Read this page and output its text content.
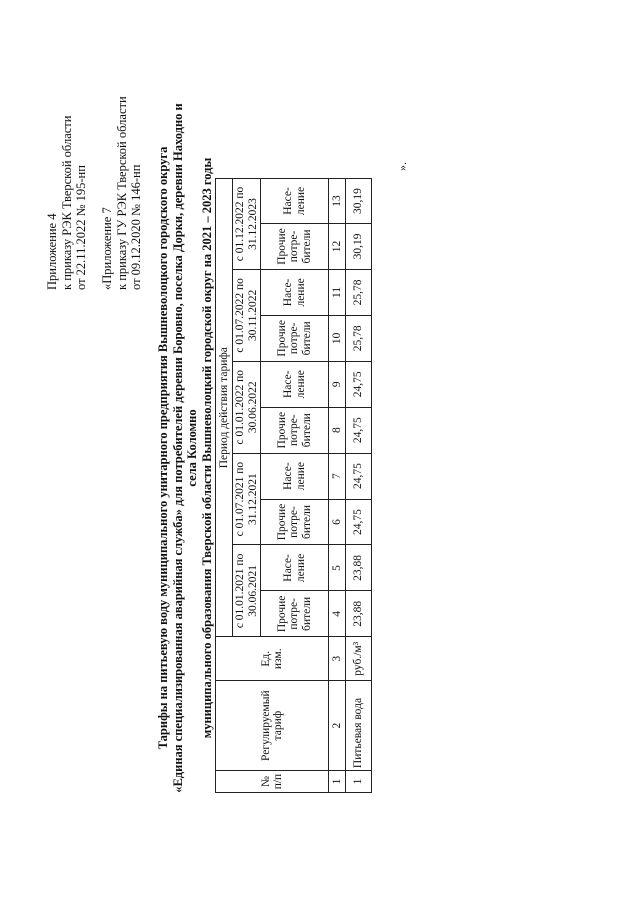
Приложение 4 к приказу РЭК Тверской области от 22.11.2022 № 195-нп «Приложение 7 к приказу ГУ РЭК Тверской области от 09.12.2020 № 146-нп Тарифы на питьевую воду муниципального унитарного предприятия Вышневолоцкого городского округа «Единая специализированная аварийная служба» для потребителей деревни Боровно, поселка Дорки, деревни Находно и села Коломно муниципального образования Тверской области Вышневолоцкий городской округ на 2021 – 2023 годы
№ п/п	Регулируемый тариф	Ед. изм.	Период действия тарифа									
			с 01.01.2021 по 30.06.2021		с 01.07.2021 по 31.12.2021		с 01.01.2022 по 30.06.2022		с 01.07.2022 по 30.11.2022		с 01.12.2022 по 31.12.2023	
			Прочие потре-бители	Насе-ление	Прочие потре-бители	Насе-ление	Прочие потре-бители	Насе-ление	Прочие потре-бители	Насе-ление	Прочие потре-бители	Насе-ление
1	2	3	4	5	6	7	8	9	10	11	12	13
1	Питьевая вода	руб./м³	23,88	23,88	24,75	24,75	24,75	24,75	25,78	25,78	30,19	30,19
».
